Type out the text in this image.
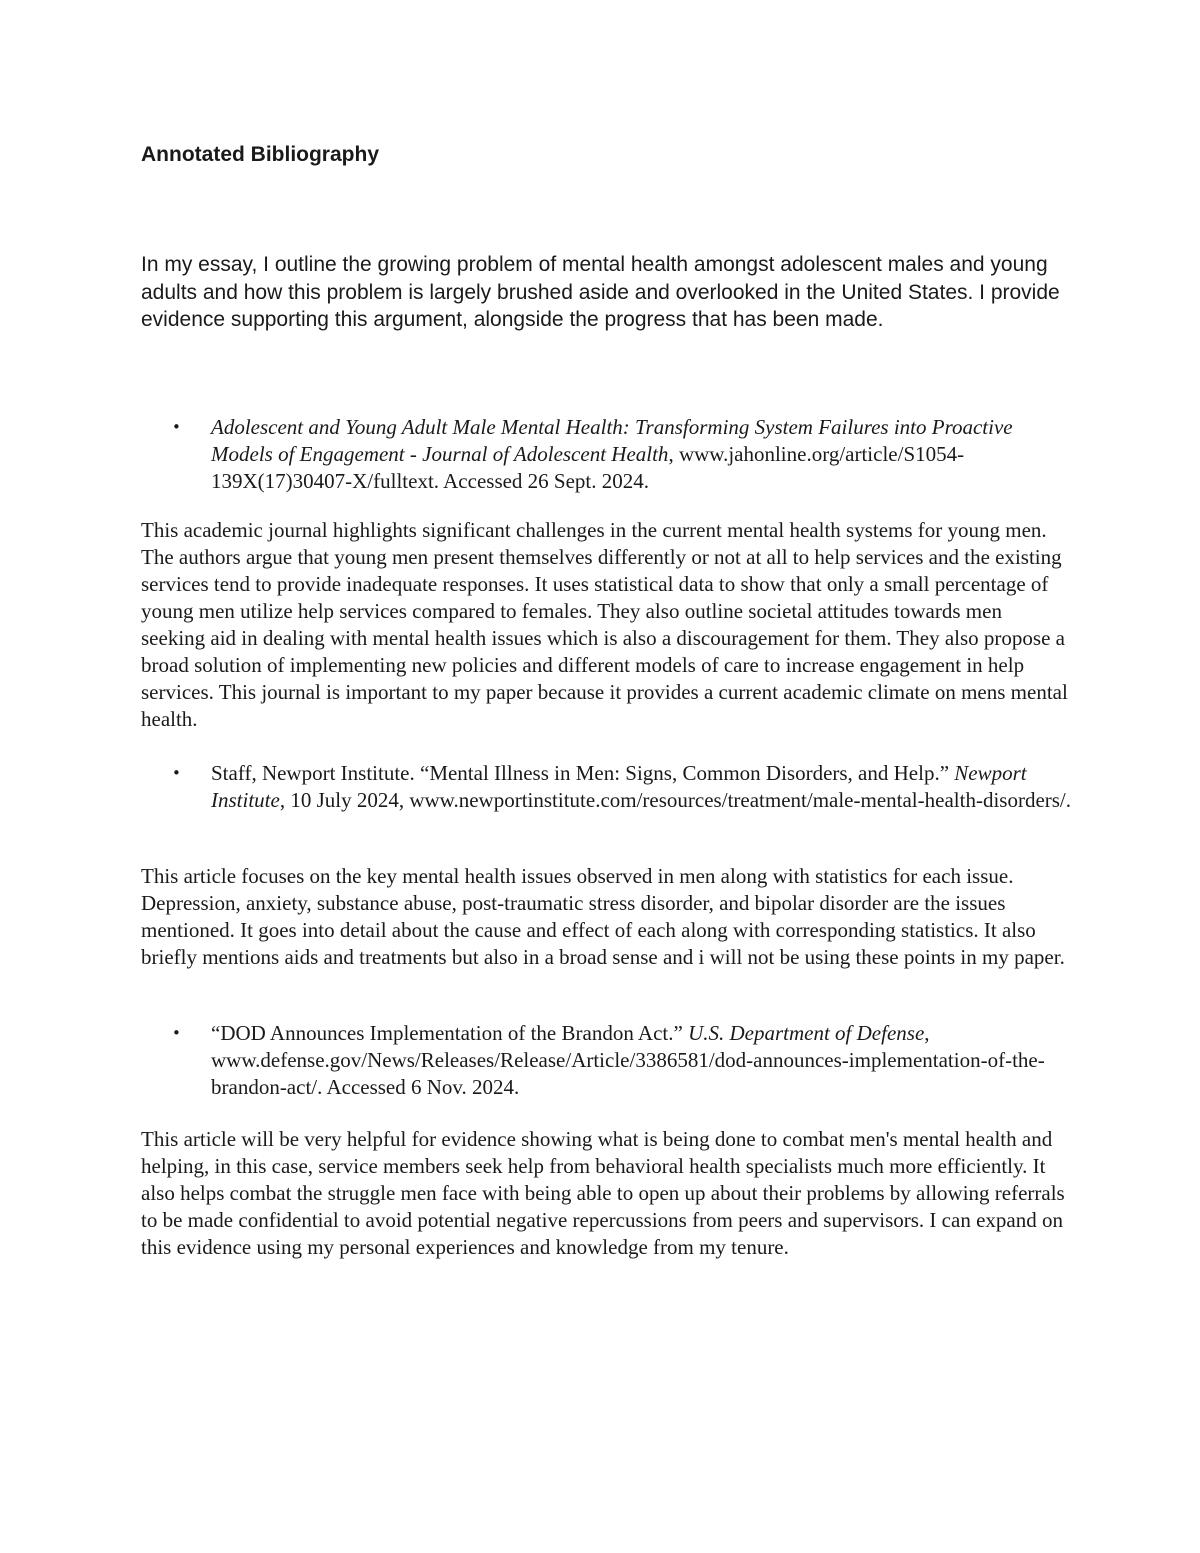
Annotated Bibliography

In my essay, I outline the growing problem of mental health amongst adolescent males and young adults and how this problem is largely brushed aside and overlooked in the United States. I provide evidence supporting this argument, alongside the progress that has been made.

• Adolescent and Young Adult Male Mental Health: Transforming System Failures into Proactive Models of Engagement - Journal of Adolescent Health, www.jahonline.org/article/S1054-139X(17)30407-X/fulltext. Accessed 26 Sept. 2024.

This academic journal highlights significant challenges in the current mental health systems for young men. The authors argue that young men present themselves differently or not at all to help services and the existing services tend to provide inadequate responses. It uses statistical data to show that only a small percentage of young men utilize help services compared to females. They also outline societal attitudes towards men seeking aid in dealing with mental health issues which is also a discouragement for them. They also propose a broad solution of implementing new policies and different models of care to increase engagement in help services. This journal is important to my paper because it provides a current academic climate on mens mental health.

• Staff, Newport Institute. “Mental Illness in Men: Signs, Common Disorders, and Help.” Newport Institute, 10 July 2024, www.newportinstitute.com/resources/treatment/male-mental-health-disorders/.

This article focuses on the key mental health issues observed in men along with statistics for each issue. Depression, anxiety, substance abuse, post-traumatic stress disorder, and bipolar disorder are the issues mentioned. It goes into detail about the cause and effect of each along with corresponding statistics. It also briefly mentions aids and treatments but also in a broad sense and i will not be using these points in my paper.

• “DOD Announces Implementation of the Brandon Act.” U.S. Department of Defense, www.defense.gov/News/Releases/Release/Article/3386581/dod-announces-implementation-of-the-brandon-act/. Accessed 6 Nov. 2024.

This article will be very helpful for evidence showing what is being done to combat men's mental health and helping, in this case, service members seek help from behavioral health specialists much more efficiently. It also helps combat the struggle men face with being able to open up about their problems by allowing referrals to be made confidential to avoid potential negative repercussions from peers and supervisors. I can expand on this evidence using my personal experiences and knowledge from my tenure.
